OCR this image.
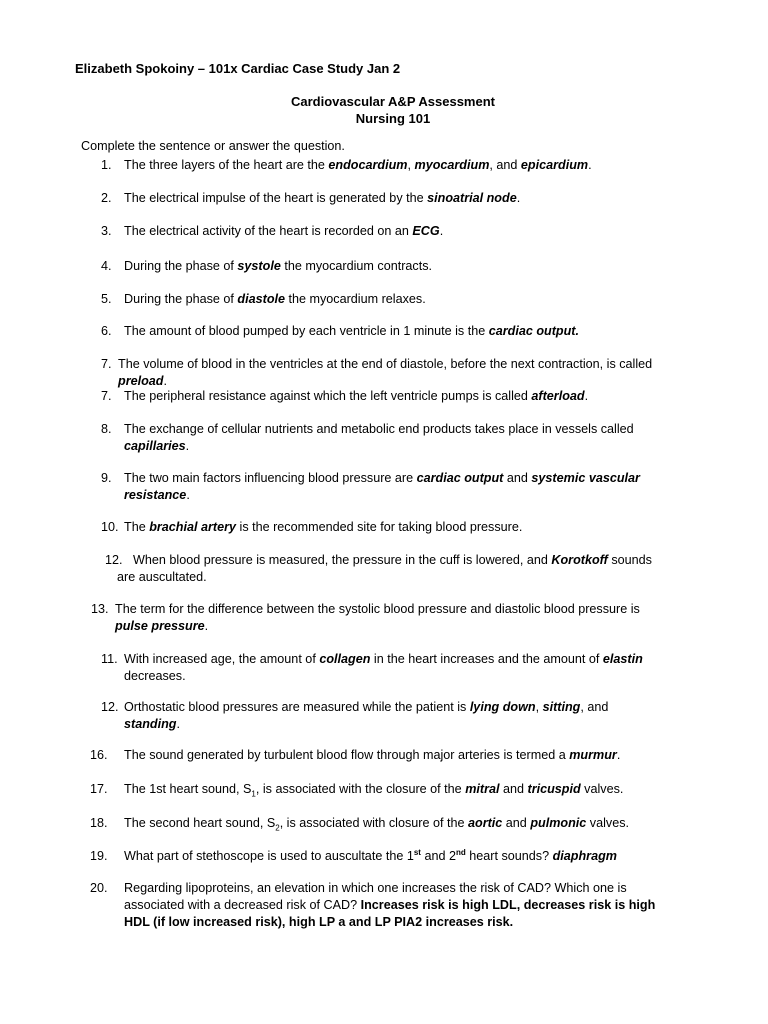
Elizabeth Spokoiny – 101x Cardiac Case Study Jan 2
Cardiovascular A&P Assessment
Nursing 101
Complete the sentence or answer the question.
1. The three layers of the heart are the endocardium, myocardium, and epicardium.
2. The electrical impulse of the heart is generated by the sinoatrial node.
3. The electrical activity of the heart is recorded on an ECG.
4. During the phase of systole the myocardium contracts.
5. During the phase of diastole the myocardium relaxes.
6. The amount of blood pumped by each ventricle in 1 minute is the cardiac output.
7. The volume of blood in the ventricles at the end of diastole, before the next contraction, is called
preload.
7. The peripheral resistance against which the left ventricle pumps is called afterload.
8. The exchange of cellular nutrients and metabolic end products takes place in vessels called
capillaries.
9. The two main factors influencing blood pressure are cardiac output and systemic vascular
resistance.
10. The brachial artery is the recommended site for taking blood pressure.
12. When blood pressure is measured, the pressure in the cuff is lowered, and Korotkoff sounds
are auscultated.
13. The term for the difference between the systolic blood pressure and diastolic blood pressure is
pulse pressure.
11. With increased age, the amount of collagen in the heart increases and the amount of elastin
decreases.
12. Orthostatic blood pressures are measured while the patient is lying down, sitting, and
standing.
16. The sound generated by turbulent blood flow through major arteries is termed a murmur.
17. The 1st heart sound, $S_1$, is associated with the closure of the mitral and tricuspid valves.
18. The second heart sound, $S_2$, is associated with closure of the aortic and pulmonic valves.
19. What part of stethoscope is used to auscultate the 1st and 2nd heart sounds? diaphragm
20. Regarding lipoproteins, an elevation in which one increases the risk of CAD? Which one is
associated with a decreased risk of CAD? Increases risk is high LDL, decreases risk is high
HDL (if low increased risk), high LP a and LP PIA2 increases risk.
